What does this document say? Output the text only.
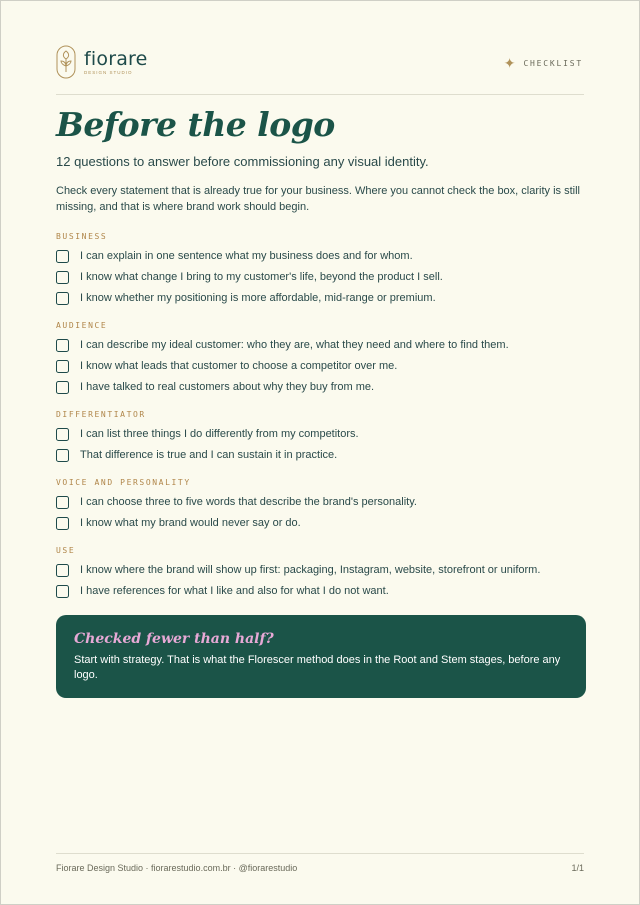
fiorare
DESIGN STUDIO
✦ CHECKLIST
Before the logo
12 questions to answer before commissioning any visual identity.
Check every statement that is already true for your business. Where you cannot check the box, clarity is still missing, and that is where brand work should begin.
BUSINESS
I can explain in one sentence what my business does and for whom.
I know what change I bring to my customer's life, beyond the product I sell.
I know whether my positioning is more affordable, mid-range or premium.
AUDIENCE
I can describe my ideal customer: who they are, what they need and where to find them.
I know what leads that customer to choose a competitor over me.
I have talked to real customers about why they buy from me.
DIFFERENTIATOR
I can list three things I do differently from my competitors.
That difference is true and I can sustain it in practice.
VOICE AND PERSONALITY
I can choose three to five words that describe the brand's personality.
I know what my brand would never say or do.
USE
I know where the brand will show up first: packaging, Instagram, website, storefront or uniform.
I have references for what I like and also for what I do not want.
Checked fewer than half?
Start with strategy. That is what the Florescer method does in the Root and Stem stages, before any logo.
Fiorare Design Studio · fiorarestudio.com.br · @fiorarestudio	1/1
